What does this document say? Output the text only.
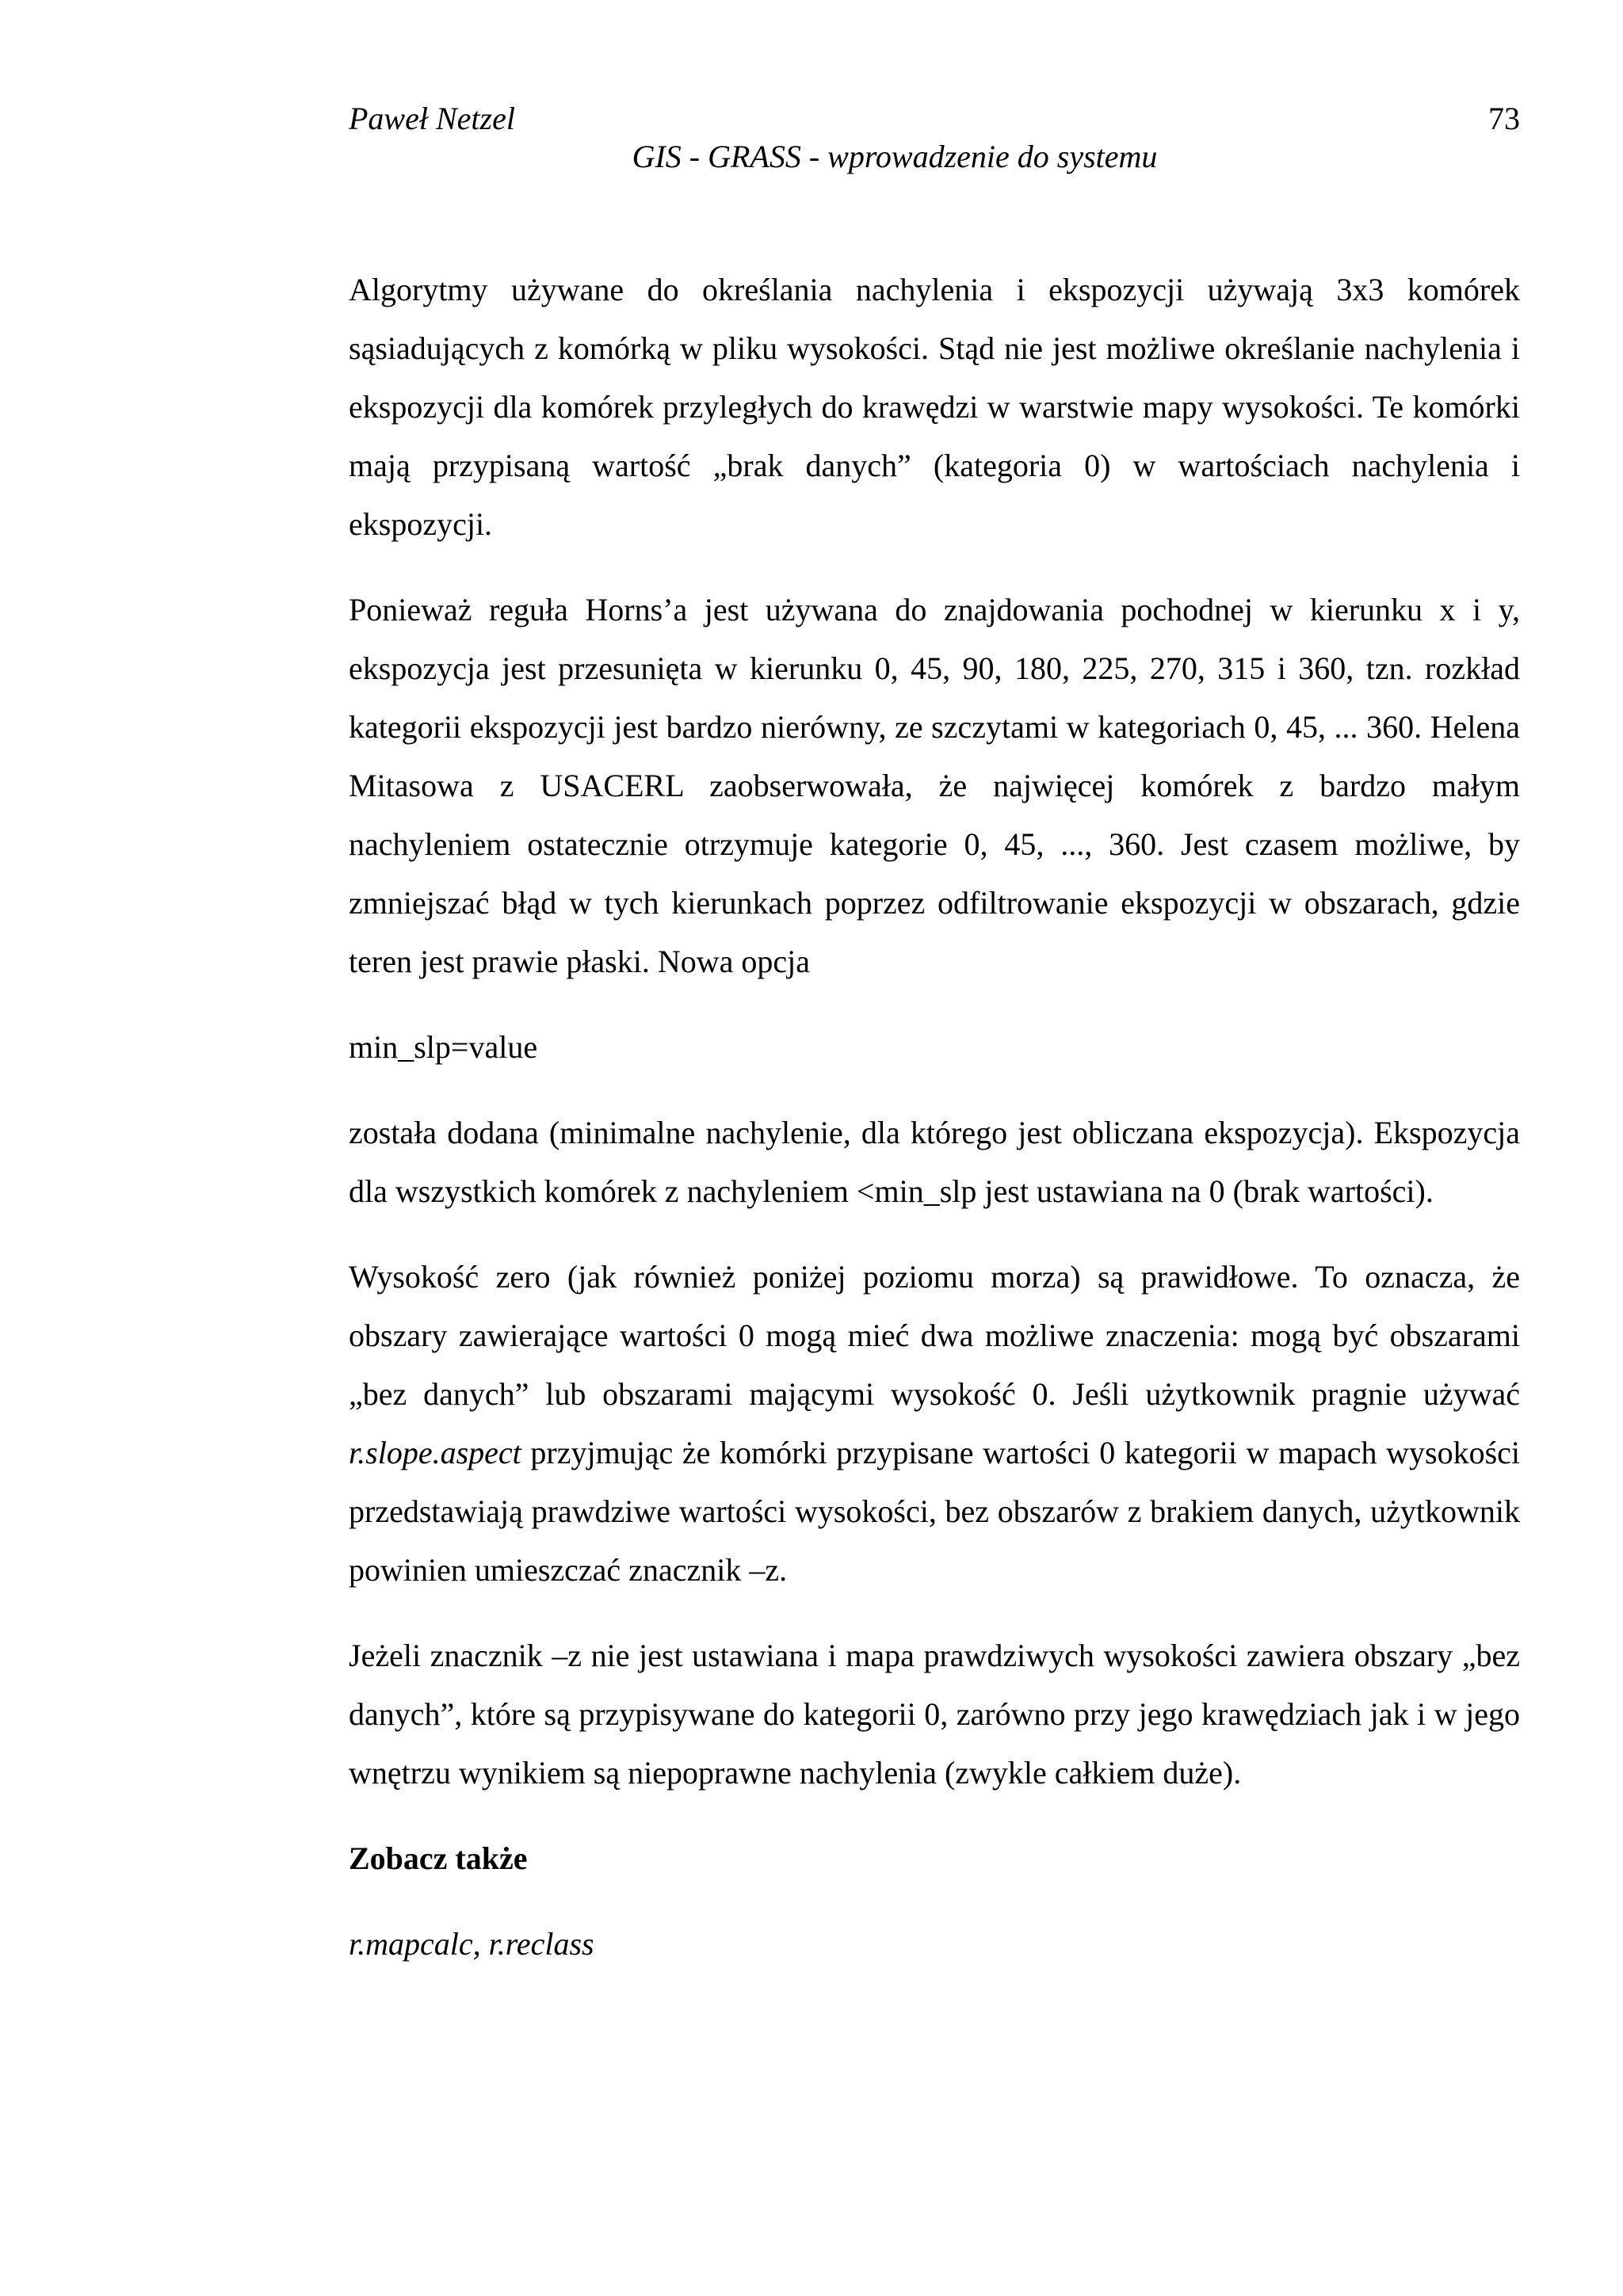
Paweł Netzel	73
GIS - GRASS - wprowadzenie do systemu

Algorytmy używane do określania nachylenia i ekspozycji używają 3x3 komórek sąsiadujących z komórką w pliku wysokości. Stąd nie jest możliwe określanie nachylenia i ekspozycji dla komórek przyległych do krawędzi w warstwie mapy wysokości. Te komórki mają przypisaną wartość „brak danych” (kategoria 0) w wartościach nachylenia i ekspozycji.

Ponieważ reguła Horns’a jest używana do znajdowania pochodnej w kierunku x i y, ekspozycja jest przesunięta w kierunku 0, 45, 90, 180, 225, 270, 315 i 360, tzn. rozkład kategorii ekspozycji jest bardzo nierówny, ze szczytami w kategoriach 0, 45, ... 360. Helena Mitasowa z USACERL zaobserwowała, że najwięcej komórek z bardzo małym nachyleniem ostatecznie otrzymuje kategorie 0, 45, ..., 360. Jest czasem możliwe, by zmniejszać błąd w tych kierunkach poprzez odfiltrowanie ekspozycji w obszarach, gdzie teren jest prawie płaski. Nowa opcja

min_slp=value

została dodana (minimalne nachylenie, dla którego jest obliczana ekspozycja). Ekspozycja dla wszystkich komórek z nachyleniem <min_slp jest ustawiana na 0 (brak wartości).

Wysokość zero (jak również poniżej poziomu morza) są prawidłowe. To oznacza, że obszary zawierające wartości 0 mogą mieć dwa możliwe znaczenia: mogą być obszarami „bez danych” lub obszarami mającymi wysokość 0. Jeśli użytkownik pragnie używać r.slope.aspect przyjmując że komórki przypisane wartości 0 kategorii w mapach wysokości przedstawiają prawdziwe wartości wysokości, bez obszarów z brakiem danych, użytkownik powinien umieszczać znacznik –z.

Jeżeli znacznik –z nie jest ustawiana i mapa prawdziwych wysokości zawiera obszary „bez danych”, które są przypisywane do kategorii 0, zarówno przy jego krawędziach jak i w jego wnętrzu wynikiem są niepoprawne nachylenia (zwykle całkiem duże).

Zobacz także
r.mapcalc, r.reclass
